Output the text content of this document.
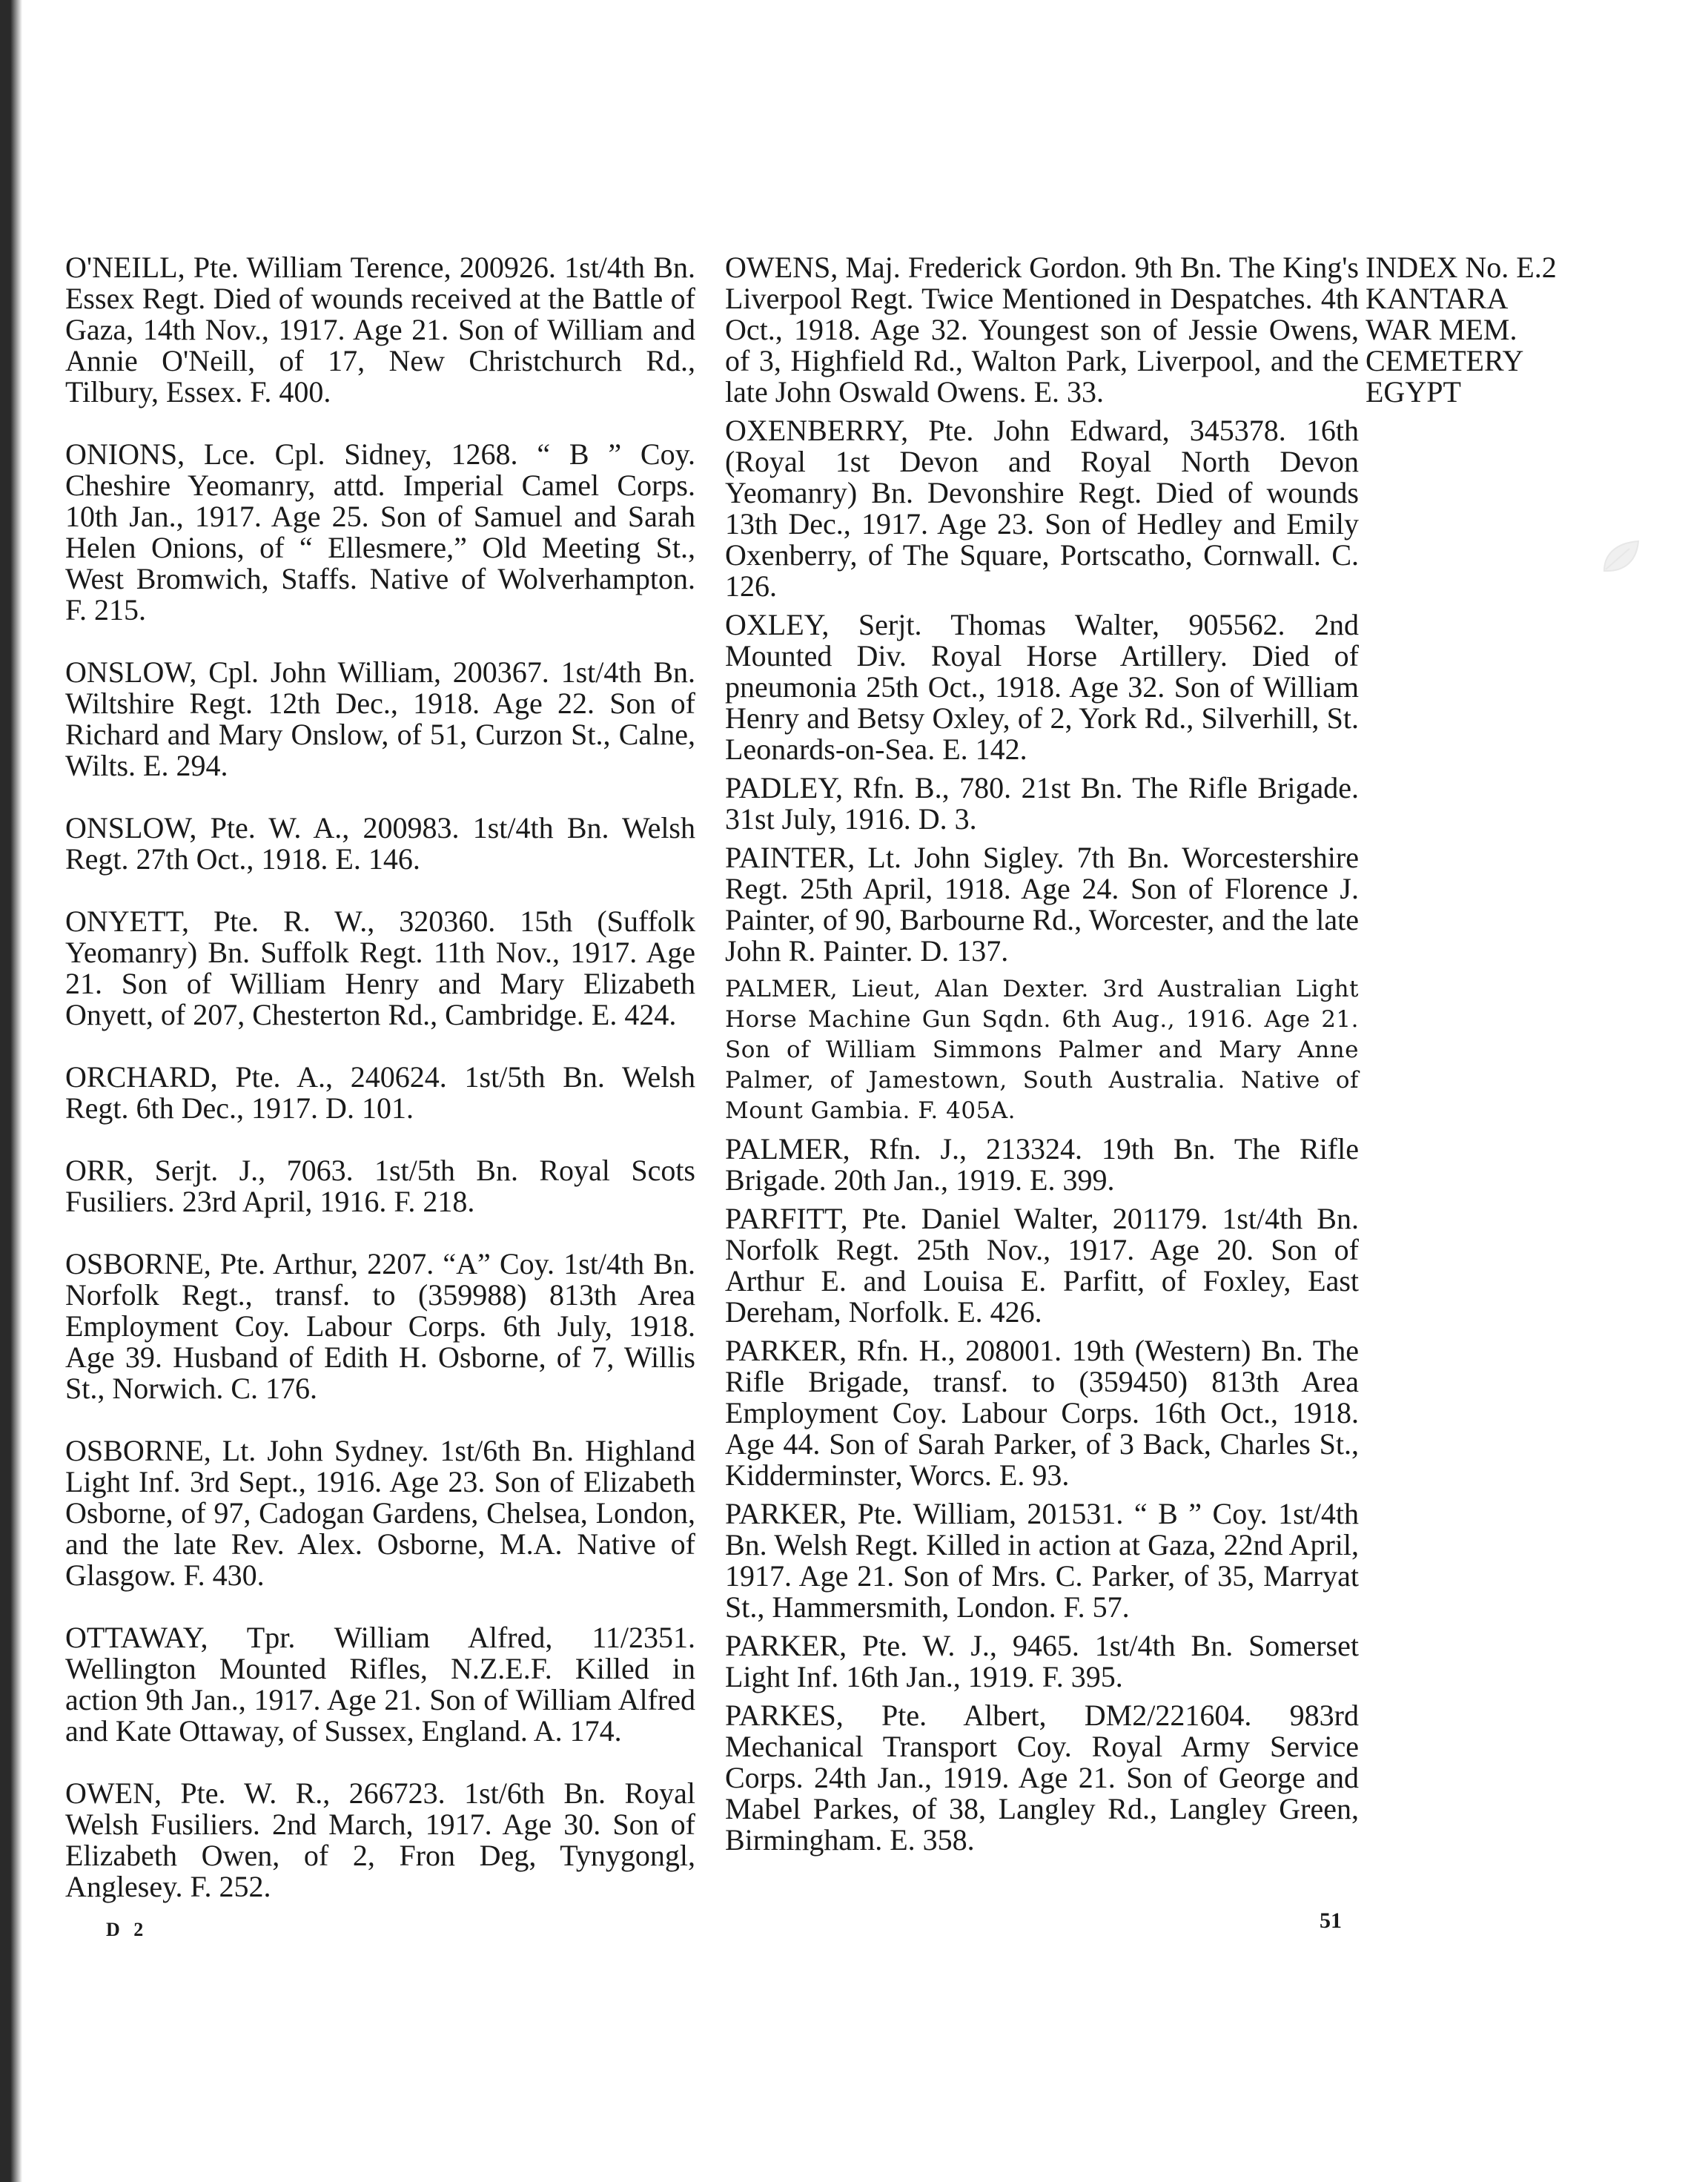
O'NEILL, Pte. William Terence, 200926. 1st/4th Bn. Essex Regt. Died of wounds received at the Battle of Gaza, 14th Nov., 1917. Age 21. Son of William and Annie O'Neill, of 17, New Christchurch Rd., Tilbury, Essex. F. 400.

ONIONS, Lce. Cpl. Sidney, 1268. “ B ” Coy. Cheshire Yeomanry, attd. Imperial Camel Corps. 10th Jan., 1917. Age 25. Son of Samuel and Sarah Helen Onions, of “ Ellesmere,” Old Meeting St., West Bromwich, Staffs. Native of Wolverhampton. F. 215.

ONSLOW, Cpl. John William, 200367. 1st/4th Bn. Wiltshire Regt. 12th Dec., 1918. Age 22. Son of Richard and Mary Onslow, of 51, Curzon St., Calne, Wilts. E. 294.

ONSLOW, Pte. W. A., 200983. 1st/4th Bn. Welsh Regt. 27th Oct., 1918. E. 146.

ONYETT, Pte. R. W., 320360. 15th (Suffolk Yeomanry) Bn. Suffolk Regt. 11th Nov., 1917. Age 21. Son of William Henry and Mary Elizabeth Onyett, of 207, Chesterton Rd., Cambridge. E. 424.

ORCHARD, Pte. A., 240624. 1st/5th Bn. Welsh Regt. 6th Dec., 1917. D. 101.

ORR, Serjt. J., 7063. 1st/5th Bn. Royal Scots Fusiliers. 23rd April, 1916. F. 218.

OSBORNE, Pte. Arthur, 2207. “A” Coy. 1st/4th Bn. Norfolk Regt., transf. to (359988) 813th Area Employment Coy. Labour Corps. 6th July, 1918. Age 39. Husband of Edith H. Osborne, of 7, Willis St., Norwich. C. 176.

OSBORNE, Lt. John Sydney. 1st/6th Bn. Highland Light Inf. 3rd Sept., 1916. Age 23. Son of Elizabeth Osborne, of 97, Cadogan Gardens, Chelsea, London, and the late Rev. Alex. Osborne, M.A. Native of Glasgow. F. 430.

OTTAWAY, Tpr. William Alfred, 11/2351. Wellington Mounted Rifles, N.Z.E.F. Killed in action 9th Jan., 1917. Age 21. Son of William Alfred and Kate Ottaway, of Sussex, England. A. 174.

OWEN, Pte. W. R., 266723. 1st/6th Bn. Royal Welsh Fusiliers. 2nd March, 1917. Age 30. Son of Elizabeth Owen, of 2, Fron Deg, Tynygongl, Anglesey. F. 252.

OWENS, Maj. Frederick Gordon. 9th Bn. The King's Liverpool Regt. Twice Mentioned in Despatches. 4th Oct., 1918. Age 32. Youngest son of Jessie Owens, of 3, Highfield Rd., Walton Park, Liverpool, and the late John Oswald Owens. E. 33.

OXENBERRY, Pte. John Edward, 345378. 16th (Royal 1st Devon and Royal North Devon Yeomanry) Bn. Devonshire Regt. Died of wounds 13th Dec., 1917. Age 23. Son of Hedley and Emily Oxenberry, of The Square, Portscatho, Cornwall. C. 126.

OXLEY, Serjt. Thomas Walter, 905562. 2nd Mounted Div. Royal Horse Artillery. Died of pneumonia 25th Oct., 1918. Age 32. Son of William Henry and Betsy Oxley, of 2, York Rd., Silverhill, St. Leonards-on-Sea. E. 142.

PADLEY, Rfn. B., 780. 21st Bn. The Rifle Brigade. 31st July, 1916. D. 3.

PAINTER, Lt. John Sigley. 7th Bn. Worcestershire Regt. 25th April, 1918. Age 24. Son of Florence J. Painter, of 90, Barbourne Rd., Worcester, and the late John R. Painter. D. 137.

PALMER, Lieut, Alan Dexter. 3rd Australian Light Horse Machine Gun Sqdn. 6th Aug., 1916. Age 21. Son of William Simmons Palmer and Mary Anne Palmer, of Jamestown, South Australia. Native of Mount Gambia. F. 405A.

PALMER, Rfn. J., 213324. 19th Bn. The Rifle Brigade. 20th Jan., 1919. E. 399.

PARFITT, Pte. Daniel Walter, 201179. 1st/4th Bn. Norfolk Regt. 25th Nov., 1917. Age 20. Son of Arthur E. and Louisa E. Parfitt, of Foxley, East Dereham, Norfolk. E. 426.

PARKER, Rfn. H., 208001. 19th (Western) Bn. The Rifle Brigade, transf. to (359450) 813th Area Employment Coy. Labour Corps. 16th Oct., 1918. Age 44. Son of Sarah Parker, of 3 Back, Charles St., Kidderminster, Worcs. E. 93.

PARKER, Pte. William, 201531. “ B ” Coy. 1st/4th Bn. Welsh Regt. Killed in action at Gaza, 22nd April, 1917. Age 21. Son of Mrs. C. Parker, of 35, Marryat St., Hammersmith, London. F. 57.

PARKER, Pte. W. J., 9465. 1st/4th Bn. Somerset Light Inf. 16th Jan., 1919. F. 395.

PARKES, Pte. Albert, DM2/221604. 983rd Mechanical Transport Coy. Royal Army Service Corps. 24th Jan., 1919. Age 21. Son of George and Mabel Parkes, of 38, Langley Rd., Langley Green, Birmingham. E. 358.

INDEX No. E.2
KANTARA
WAR MEM.
CEMETERY
EGYPT
D 2	51
